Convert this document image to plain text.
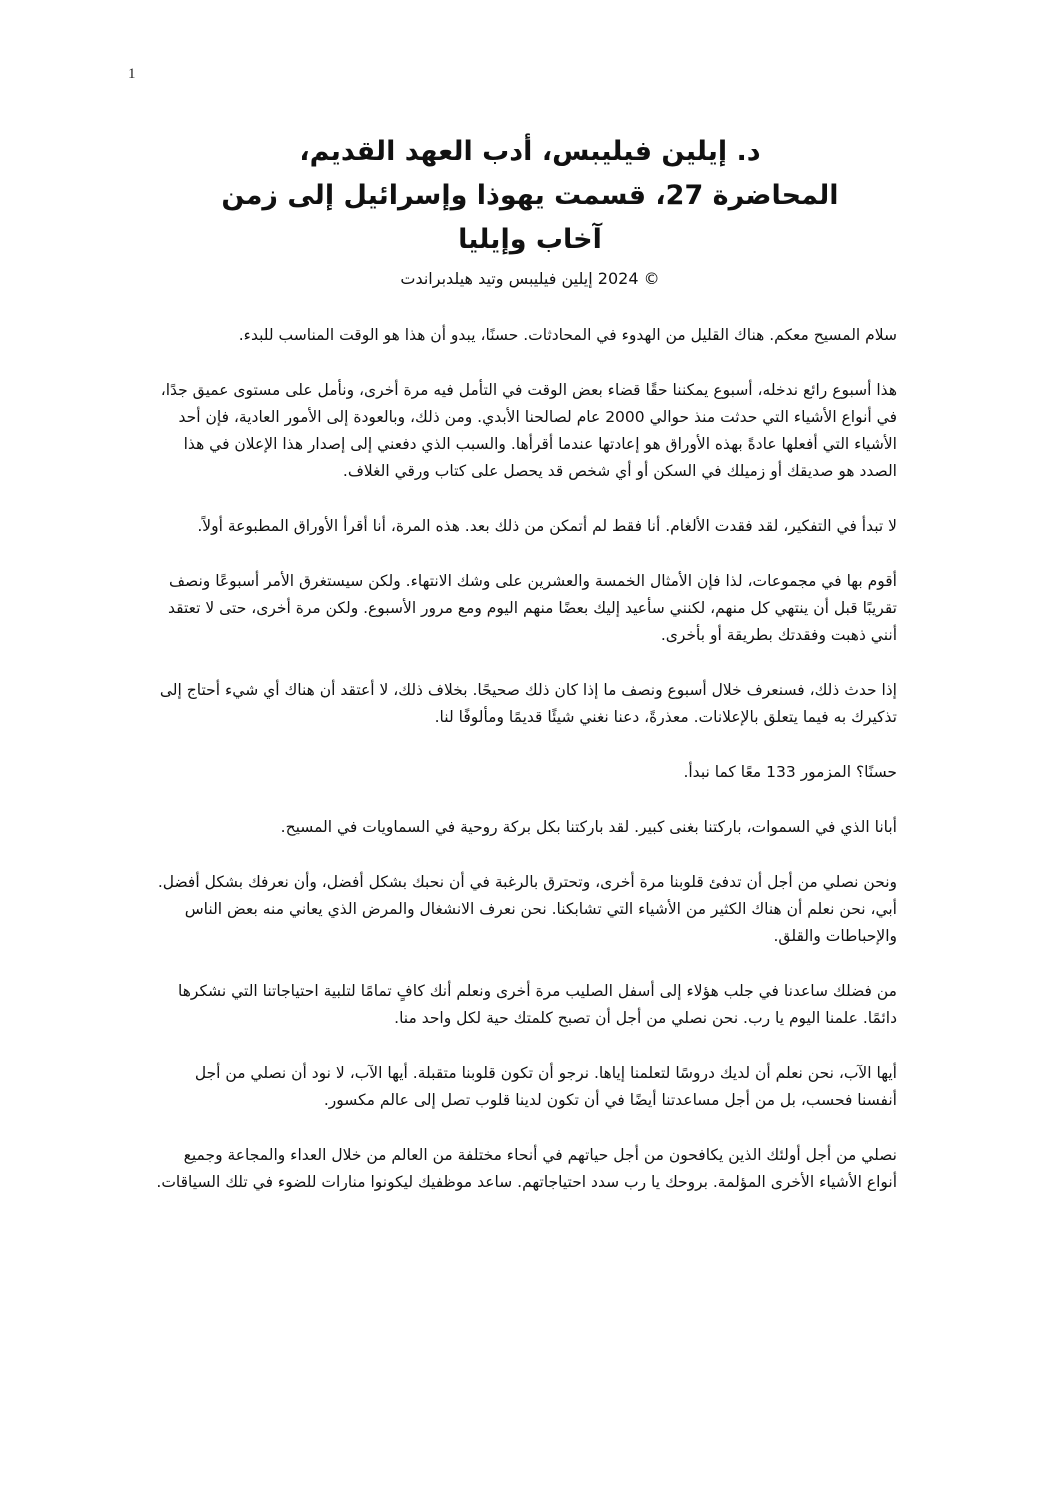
1
د. إيلين فيليبس، أدب العهد القديم،
المحاضرة 27، قسمت يهوذا وإسرائيل إلى زمن
آخاب وإيليا
© 2024 إيلين فيليبس وتيد هيلدبراندت

سلام المسيح معكم. هناك القليل من الهدوء في المحادثات. حسنًا، يبدو أن هذا هو الوقت المناسب للبدء.

هذا أسبوع رائع ندخله، أسبوع يمكننا حقًا قضاء بعض الوقت في التأمل فيه مرة أخرى، ونأمل على مستوى عميق جدًا، في أنواع الأشياء التي حدثت منذ حوالي 2000 عام لصالحنا الأبدي. ومن ذلك، وبالعودة إلى الأمور العادية، فإن أحد الأشياء التي أفعلها عادةً بهذه الأوراق هو إعادتها عندما أقرأها. والسبب الذي دفعني إلى إصدار هذا الإعلان في هذا الصدد هو صديقك أو زميلك في السكن أو أي شخص قد يحصل على كتاب ورقي الغلاف.

لا تبدأ في التفكير، لقد فقدت الألغام. أنا فقط لم أتمكن من ذلك بعد. هذه المرة، أنا أقرأ الأوراق المطبوعة أولاً.

أقوم بها في مجموعات، لذا فإن الأمثال الخمسة والعشرين على وشك الانتهاء. ولكن سيستغرق الأمر أسبوعًا ونصف تقريبًا قبل أن ينتهي كل منهم، لكنني سأعيد إليك بعضًا منهم اليوم ومع مرور الأسبوع. ولكن مرة أخرى، حتى لا تعتقد أنني ذهبت وفقدتك بطريقة أو بأخرى.

إذا حدث ذلك، فسنعرف خلال أسبوع ونصف ما إذا كان ذلك صحيحًا. بخلاف ذلك، لا أعتقد أن هناك أي شيء أحتاج إلى تذكيرك به فيما يتعلق بالإعلانات. معذرةً، دعنا نغني شيئًا قديمًا ومألوفًا لنا.

حسنًا؟ المزمور 133 معًا كما نبدأ.

أبانا الذي في السموات، باركتنا بغنى كبير. لقد باركتنا بكل بركة روحية في السماويات في المسيح.

ونحن نصلي من أجل أن تدفئ قلوبنا مرة أخرى، وتحترق بالرغبة في أن نحبك بشكل أفضل، وأن نعرفك بشكل أفضل. أبي، نحن نعلم أن هناك الكثير من الأشياء التي تشابكنا. نحن نعرف الانشغال والمرض الذي يعاني منه بعض الناس والإحباطات والقلق.

من فضلك ساعدنا في جلب هؤلاء إلى أسفل الصليب مرة أخرى ونعلم أنك كافٍ تمامًا لتلبية احتياجاتنا التي نشكرها دائمًا. علمنا اليوم يا رب. نحن نصلي من أجل أن تصبح كلمتك حية لكل واحد منا.

أيها الآب، نحن نعلم أن لديك دروسًا لتعلمنا إياها. نرجو أن تكون قلوبنا متقبلة. أيها الآب، لا نود أن نصلي من أجل أنفسنا فحسب، بل من أجل مساعدتنا أيضًا في أن تكون لدينا قلوب تصل إلى عالم مكسور.

نصلي من أجل أولئك الذين يكافحون من أجل حياتهم في أنحاء مختلفة من العالم من خلال العداء والمجاعة وجميع أنواع الأشياء الأخرى المؤلمة. بروحك يا رب سدد احتياجاتهم. ساعد موظفيك ليكونوا منارات للضوء في تلك السياقات.
